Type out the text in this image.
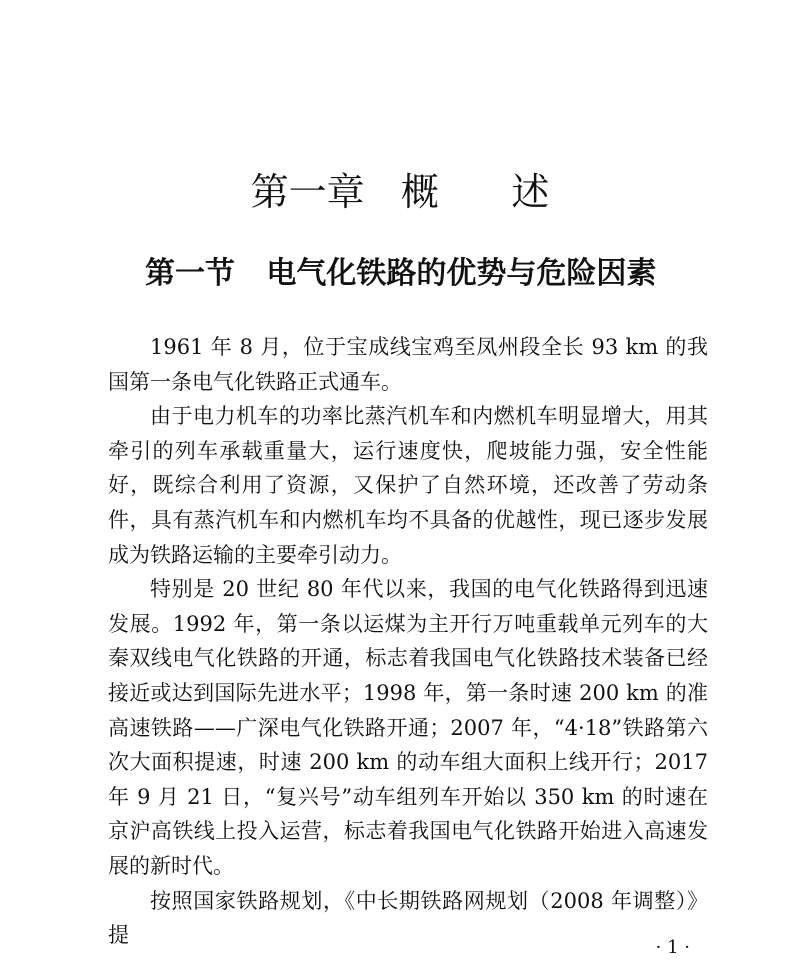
第一章   概      述
第一节   电气化铁路的优势与危险因素

1961 年 8 月，位于宝成线宝鸡至凤州段全长 93 km 的我国第一条电气化铁路正式通车。

由于电力机车的功率比蒸汽机车和内燃机车明显增大，用其牵引的列车承载重量大，运行速度快，爬坡能力强，安全性能好，既综合利用了资源，又保护了自然环境，还改善了劳动条件，具有蒸汽机车和内燃机车均不具备的优越性，现已逐步发展成为铁路运输的主要牵引动力。

特别是 20 世纪 80 年代以来，我国的电气化铁路得到迅速发展。1992 年，第一条以运煤为主开行万吨重载单元列车的大秦双线电气化铁路的开通，标志着我国电气化铁路技术装备已经接近或达到国际先进水平；1998 年，第一条时速 200 km 的准高速铁路——广深电气化铁路开通；2007 年，“4·18”铁路第六次大面积提速，时速 200 km 的动车组大面积上线开行；2017 年 9 月 21 日，“复兴号”动车组列车开始以 350 km 的时速在京沪高铁线上投入运营，标志着我国电气化铁路开始进入高速发展的新时代。

按照国家铁路规划，《中长期铁路网规划（2008 年调整）》提

· 1 ·
